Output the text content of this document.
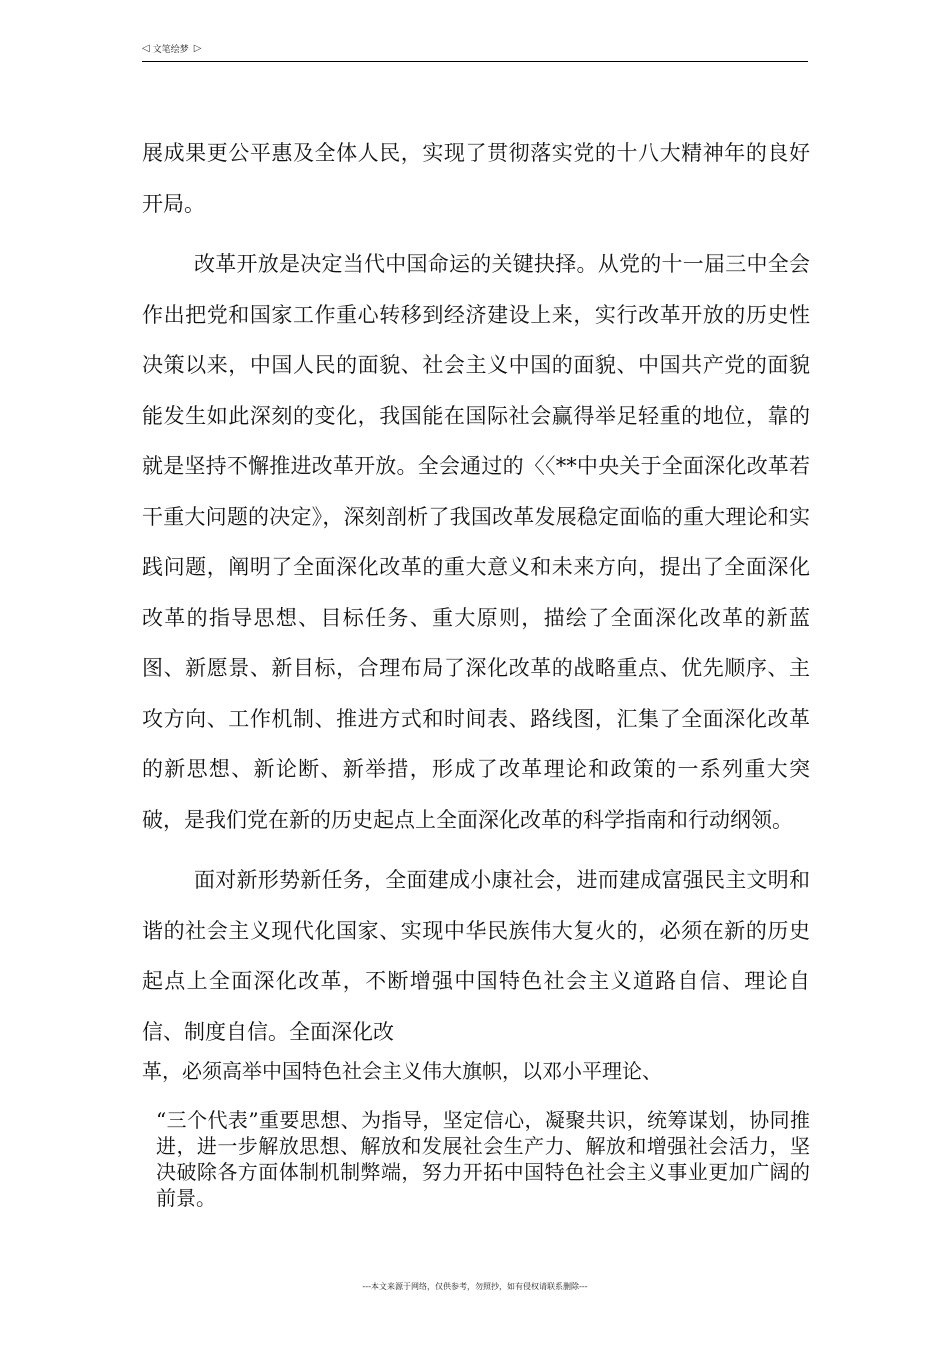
◁ 文笔绘梦 ▷

展成果更公平惠及全体人民，实现了贯彻落实党的十八大精神年的良好开局。

改革开放是决定当代中国命运的关键抉择。从党的十一届三中全会作出把党和国家工作重心转移到经济建设上来，实行改革开放的历史性决策以来，中国人民的面貌、社会主义中国的面貌、中国共产党的面貌能发生如此深刻的变化，我国能在国际社会赢得举足轻重的地位，靠的就是坚持不懈推进改革开放。全会通过的〈〈**中央关于全面深化改革若干重大问题的决定》，深刻剖析了我国改革发展稳定面临的重大理论和实践问题，阐明了全面深化改革的重大意义和未来方向，提出了全面深化改革的指导思想、目标任务、重大原则，描绘了全面深化改革的新蓝图、新愿景、新目标，合理布局了深化改革的战略重点、优先顺序、主攻方向、工作机制、推进方式和时间表、路线图，汇集了全面深化改革的新思想、新论断、新举措，形成了改革理论和政策的一系列重大突破，是我们党在新的历史起点上全面深化改革的科学指南和行动纲领。

面对新形势新任务，全面建成小康社会，进而建成富强民主文明和谐的社会主义现代化国家、实现中华民族伟大复火的，必须在新的历史起点上全面深化改革，不断增强中国特色社会主义道路自信、理论自信、制度自信。全面深化改

革，必须高举中国特色社会主义伟大旗帜，以邓小平理论、

“三个代表”重要思想、为指导，坚定信心，凝聚共识，统筹谋划，协同推进，进一步解放思想、解放和发展社会生产力、解放和增强社会活力，坚决破除各方面体制机制弊端，努力开拓中国特色社会主义事业更加广阔的前景。

---本文来源于网络，仅供参考，勿照抄，如有侵权请联系删除---
